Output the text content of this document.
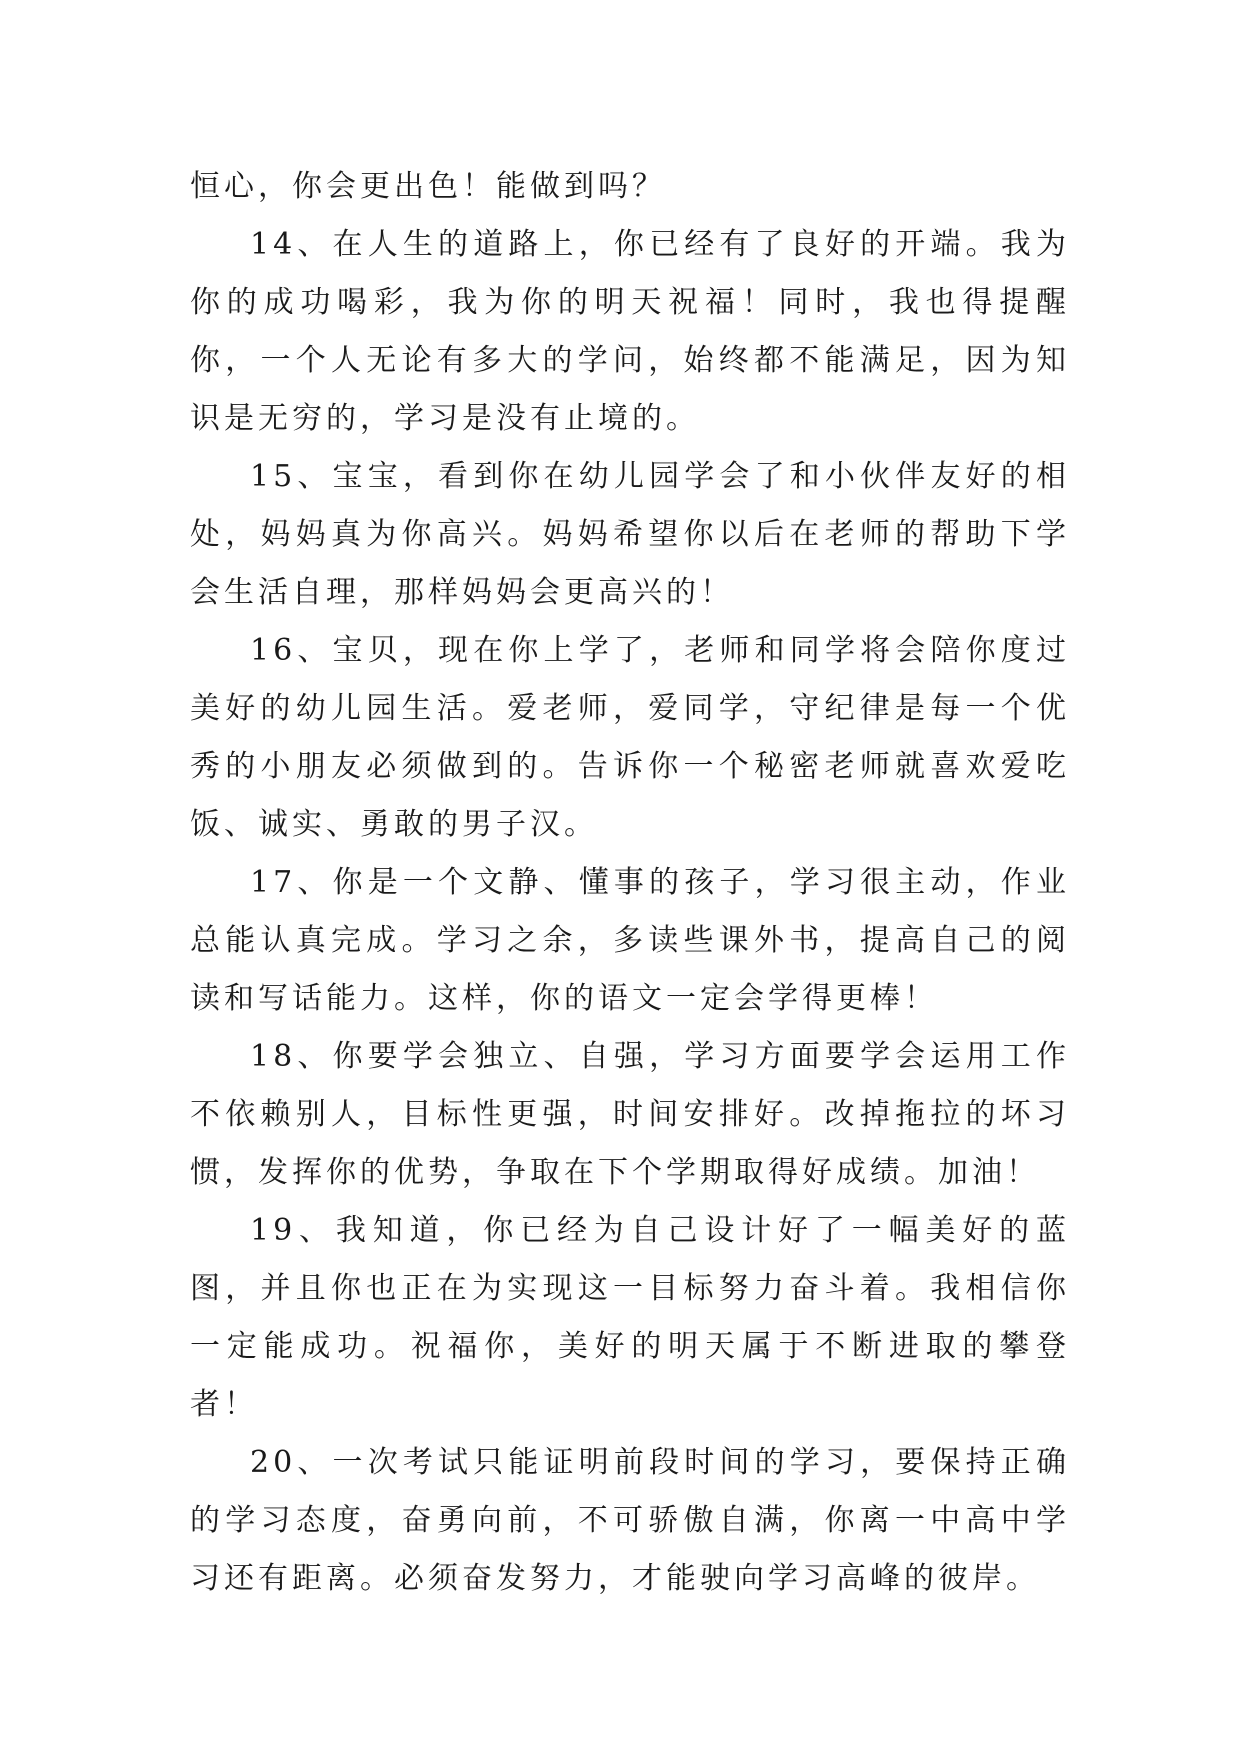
恒心，你会更出色！能做到吗？

14、在人生的道路上，你已经有了良好的开端。我为你的成功喝彩，我为你的明天祝福！同时，我也得提醒你，一个人无论有多大的学问，始终都不能满足，因为知识是无穷的，学习是没有止境的。

15、宝宝，看到你在幼儿园学会了和小伙伴友好的相处，妈妈真为你高兴。妈妈希望你以后在老师的帮助下学会生活自理，那样妈妈会更高兴的！

16、宝贝，现在你上学了，老师和同学将会陪你度过美好的幼儿园生活。爱老师，爱同学，守纪律是每一个优秀的小朋友必须做到的。告诉你一个秘密老师就喜欢爱吃饭、诚实、勇敢的男子汉。

17、你是一个文静、懂事的孩子，学习很主动，作业总能认真完成。学习之余，多读些课外书，提高自己的阅读和写话能力。这样，你的语文一定会学得更棒！

18、你要学会独立、自强，学习方面要学会运用工作不依赖别人，目标性更强，时间安排好。改掉拖拉的坏习惯，发挥你的优势，争取在下个学期取得好成绩。加油！

19、我知道，你已经为自己设计好了一幅美好的蓝图，并且你也正在为实现这一目标努力奋斗着。我相信你一定能成功。祝福你，美好的明天属于不断进取的攀登者！

20、一次考试只能证明前段时间的学习，要保持正确的学习态度，奋勇向前，不可骄傲自满，你离一中高中学习还有距离。必须奋发努力，才能驶向学习高峰的彼岸。
